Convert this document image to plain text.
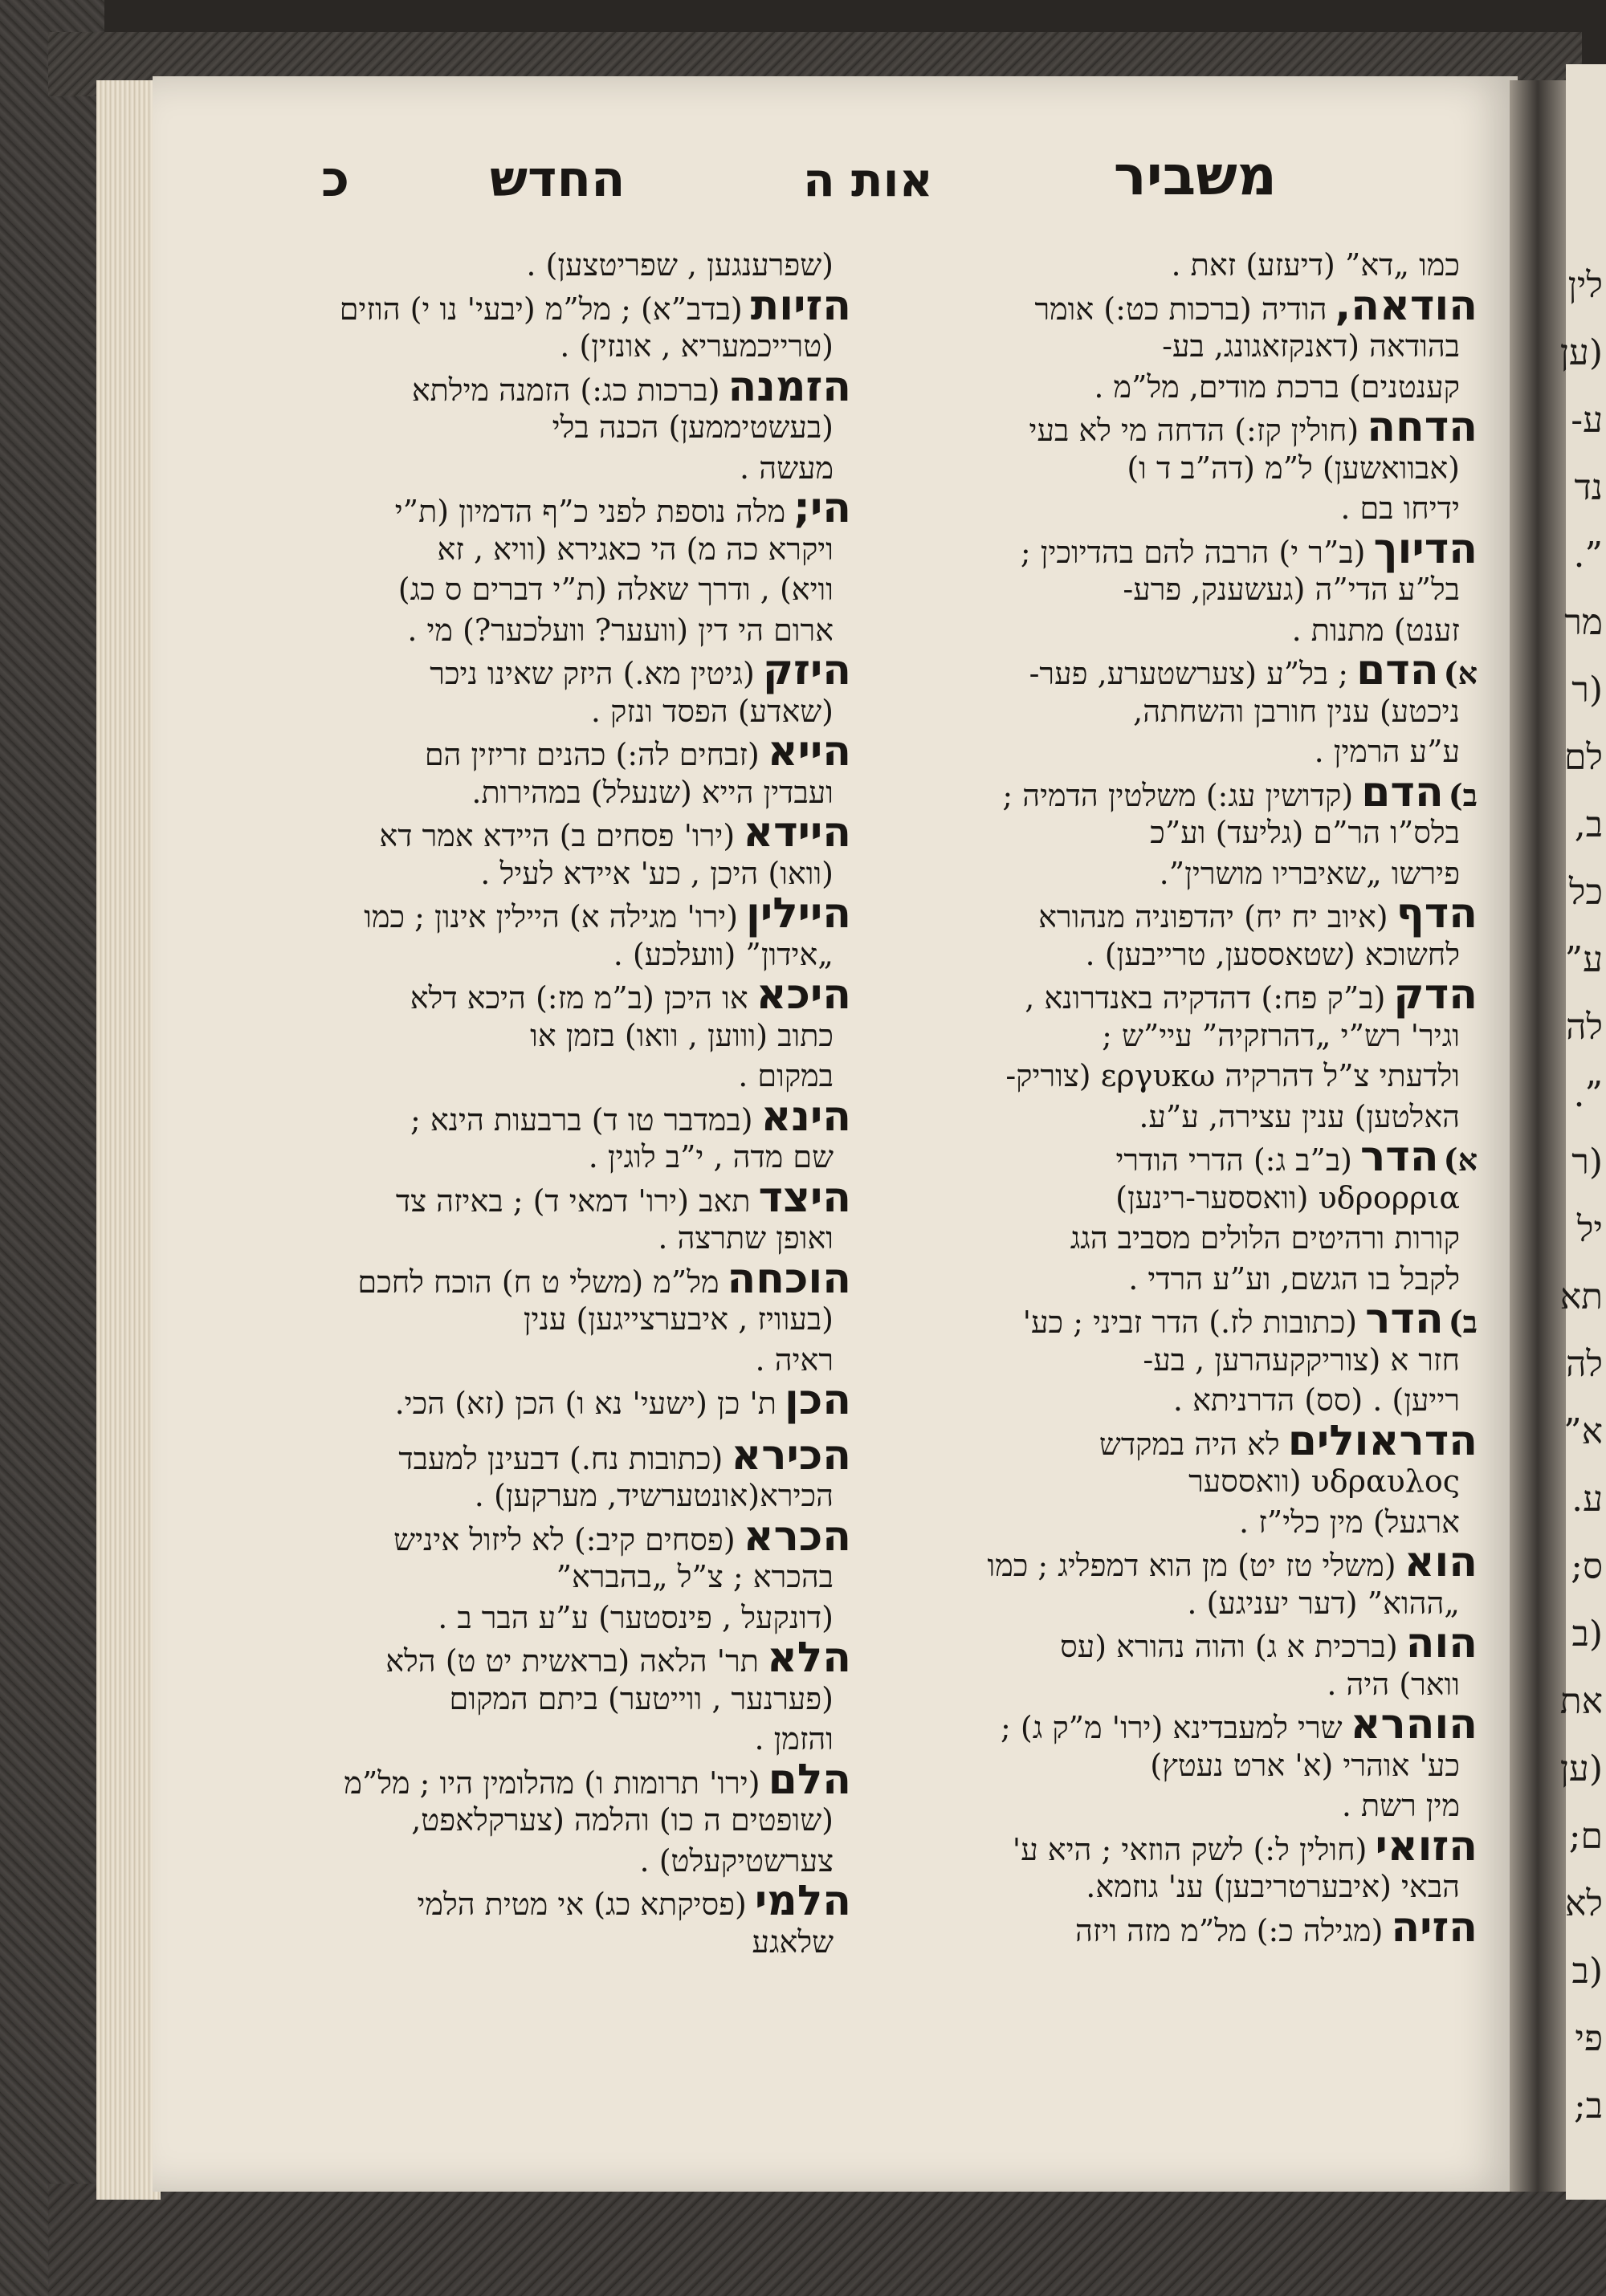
לין
(ען
ע-
נד
”.
מר
(ר
לם
ב,
כל
ע”
לה
”.
(ר
יל
תא
לה
א”
ע.
ס;
(ב
את
(ען
ם;
לא
(ב
פי
ב;
משביר
אות ה
החדש
כ
כמו „דא” (דיעזע) זאת .
הודאה,הודיה (ברכות כט:) אומר
בהודאה (דאנקזאגונג, בע-
קענטנים) ברכת מודים, מל”מ .
הדחה(חולין קז:) הדחה מי לא בעי
(אבוואשען) ל”מ (דה”ב ד ו)
ידיחו בם .
הדיוך(ב”ר י) הרבה להם בהדיוכין ;
בל”ע הדי”ה (געשענק, פרע-
זענט) מתנות .
א)הדם; בל”ע (צערשטערע, פער-
ניכטע) ענין חורבן והשחתה,
ע”ע הרמין .
ב)הדם(קדושין עג:) משלטין הדמיה ;
בלס”ו הר”ם (גליעד) וע”כ
פירשו „שאיבריו מושרין”.
הדף(איוב יח יח) יהדפוניה מנהורא
לחשוכא (שטאססען, טרייבען) .
הדק(ב”ק פח:) דהדקיה באנדרונא ,
וגיר' רש”י „דהרזקיה” עיי”ש ;
ולדעתי צ”ל דהרקיה εργυκω (צוריק-
האלטען) ענין עצירה, ע”ע.
א)הדר(ב”ב ג:) הדרי הודרי
υδρορρια (וואססער-רינען)
קורות ורהיטים הלולים מסביב הגג
לקבל בו הגשם, וע”ע הרדי .
ב)הדר(כתובות לז.) הדר זביני ; כע'
חזר א (צוריקקעהרען , בע-
רייען) . (סס) הדרניתא .
הדראוליםלא היה במקדש
υδραυλος (וואססער
ארגעל) מין כלי”ז .
הוא(משלי טז יט) מן הוא דמפליג ; כמו
„ההוא” (דער יעניגע) .
הוה(ברכית א ג) והוה נהורא (עס
וואר) היה .
הוהראשרי למעבדינא (ירו' מ”ק ג) ;
כע' אוהרי (א' ארט נעטץ)
מין רשת .
הזואי(חולין ל:) לשק הוזאי ; היא ע'
הבאי (איבערטריבען) ענ' גוזמא.
הזיה(מגילה כ:) מל”מ מזה ויזה
(שפרענגען , שפריטצען) .
הזיות(בדב”א) ; מל”מ (יבעי' נו י) הוזים
(טרייכמעריא , אונזין) .
הזמנה(ברכות כג:) הזמנה מילתא
(בעשטיממען) הכנה בלי
מעשה .
הי;מלה נוספת לפני כ”ף הדמיון (ת”י
ויקרא כה מ) הי כאגירא (וויא , זא
וויא) , ודרך שאלה (ת”י דברים ס כג)
ארום הי דין (וועער? וועלכער?) מי .
היזק(גיטין מא.) היזק שאינו ניכר
(שאדע) הפסד ונזק .
הייא(זבחים לה:) כהנים זריזין הם
ועבדין הייא (שנעלל) במהירות.
היידא(ירו' פסחים ב) היידא אמר דא
(וואו) היכן , כע' איידא לעיל .
היילין(ירו' מגילה א) היילין אינון ; כמו
„אידון” (וועלכע) .
היכאאו היכן (ב”מ מז:) היכא דלא
כתוב (וווען , וואו) בזמן או
במקום .
הינא(במדבר טו ד) ברבעות הינא ;
שם מדה , י”ב לוגין .
היצדתאב (ירו' דמאי ד) ; באיזה צד
ואופן שתרצה .
הוכחהמל”מ (משלי ט ח) הוכח לחכם
(בעוויז , איבערצייגען) ענין
ראיה .
הכןת' כן (ישעי' נא ו) הכן (זא) הכי.
הכירא(כתובות נח.) דבעינן למעבד
הכירא(אונטערשיד, מערקען) .
הכרא(פסחים קיב:) לא ליזול איניש
בהכרא ; צ”ל „בהברא”
(דונקעל , פינסטער) ע”ע הבר ב .
הלאתר' הלאה (בראשית יט ט) הלא
(פערנער , ווייטער) ביתם המקום
והזמן .
הלם(ירו' תרומות ו) מהלומין היו ; מל”מ
(שופטים ה כו) והלמה (צערקלאפט,
צערשטיקעלט) .
הלמי(פסיקתא כג) אי מטית הלמי
שלאגע
